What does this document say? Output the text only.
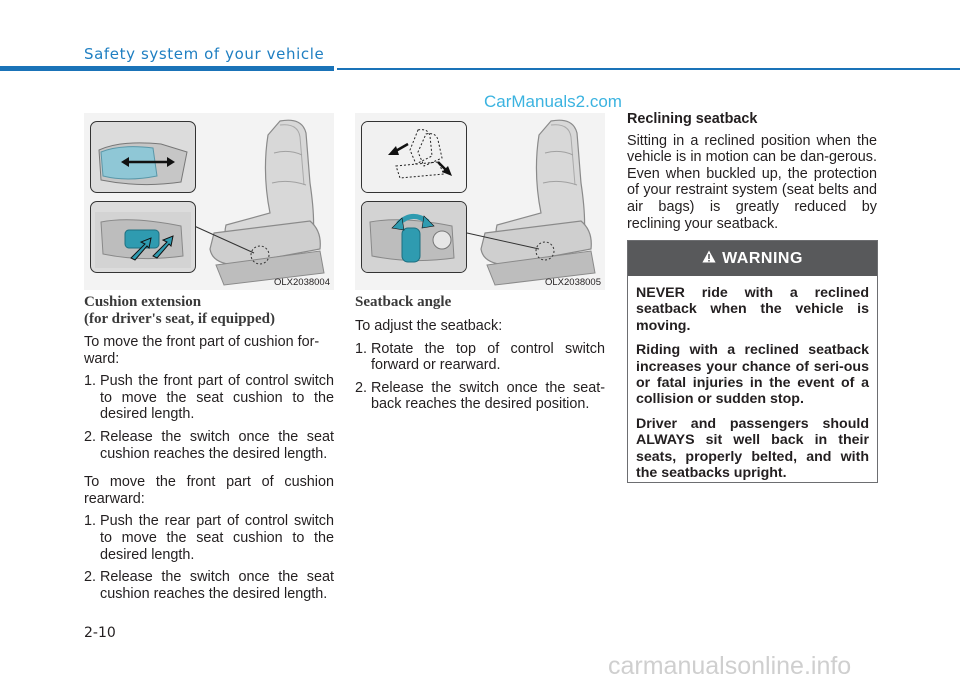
Safety system of your vehicle
CarManuals2.com
OLX2038004	OLX2038005
Cushion extension
(for driver's seat, if equipped)

To move the front part of cushion for-ward:

1. Push the front part of control switch to move the seat cushion to the desired length.
2. Release the switch once the seat cushion reaches the desired length.

To move the front part of cushion rearward:

1. Push the rear part of control switch to move the seat cushion to the desired length.
2. Release the switch once the seat cushion reaches the desired length.
Seatback angle

To adjust the seatback:

1. Rotate the top of control switch forward or rearward.
2. Release the switch once the seat-back reaches the desired position.
Reclining seatback

Sitting in a reclined position when the vehicle is in motion can be dan-gerous. Even when buckled up, the protection of your restraint system (seat belts and air bags) is greatly reduced by reclining your seatback.

WARNING

NEVER ride with a reclined seatback when the vehicle is moving.

Riding with a reclined seatback increases your chance of seri-ous or fatal injuries in the event of a collision or sudden stop.

Driver and passengers should ALWAYS sit well back in their seats, properly belted, and with the seatbacks upright.

2-10
carmanualsonline.info
